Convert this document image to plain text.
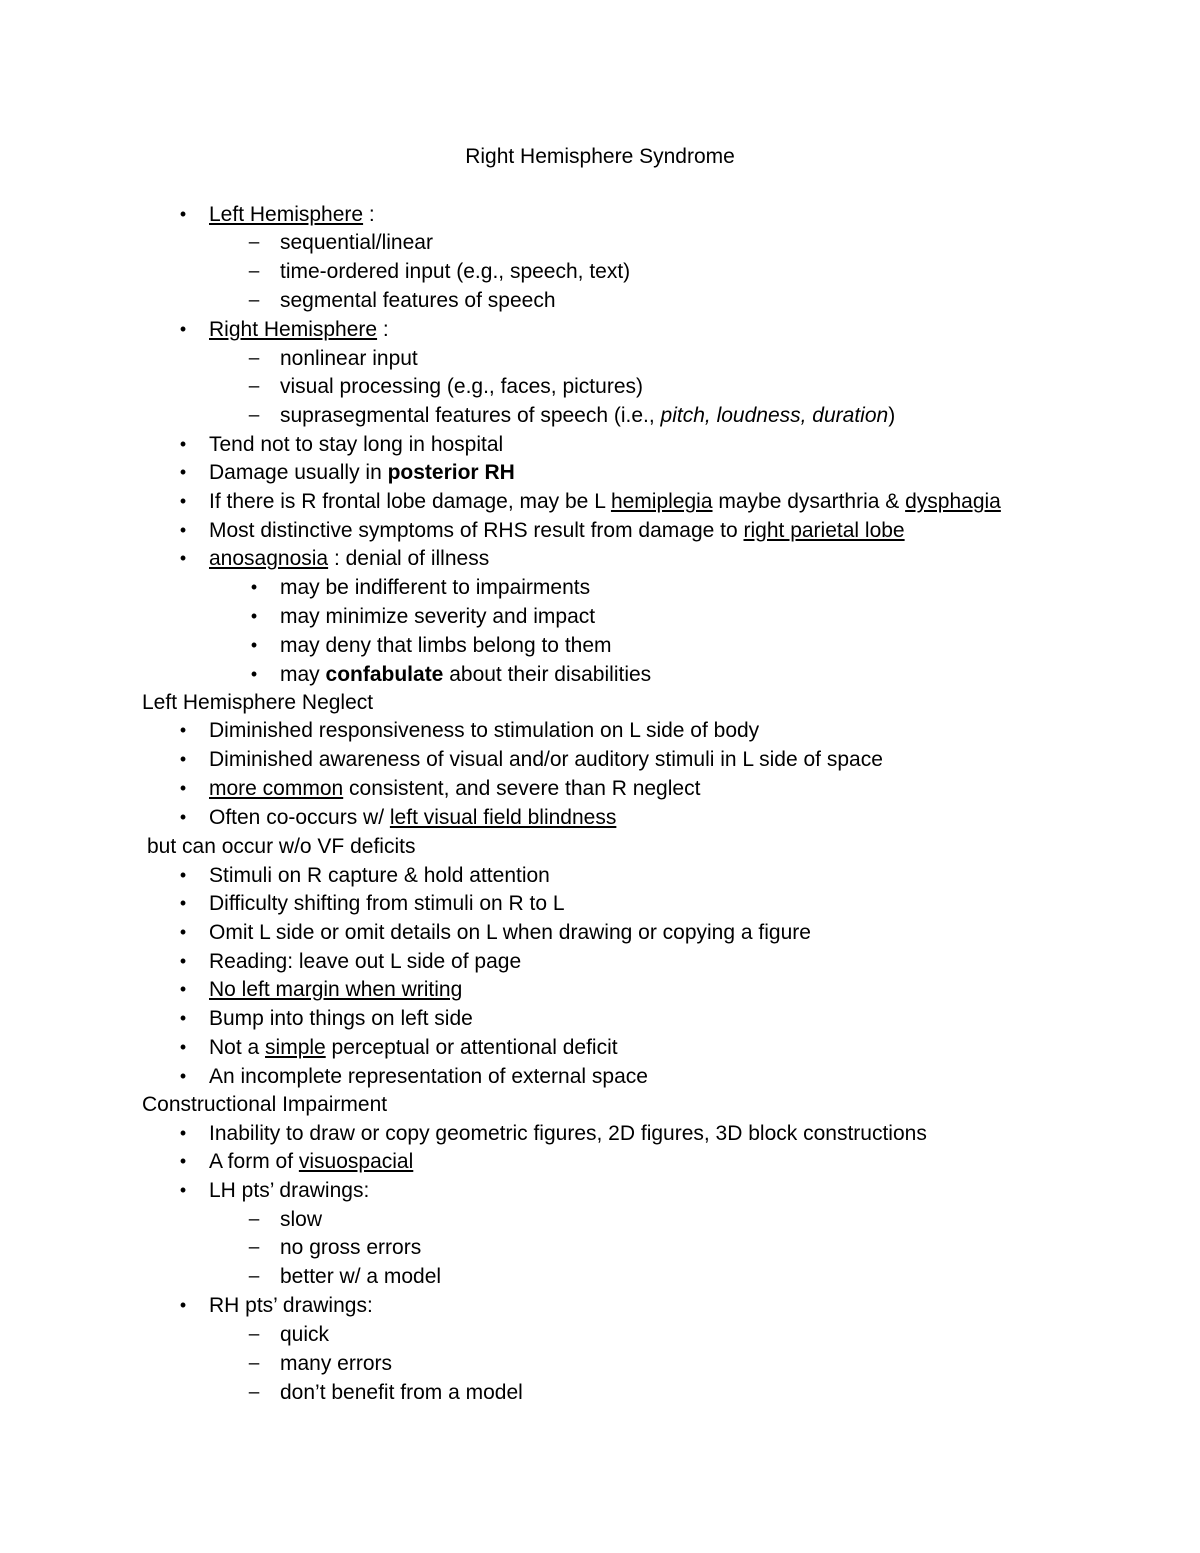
Right Hemisphere Syndrome
•	Left Hemisphere :
– sequential/linear
– time-ordered input (e.g., speech, text)
– segmental features of speech
•	Right Hemisphere :
– nonlinear input
– visual processing (e.g., faces, pictures)
– suprasegmental features of speech (i.e., pitch, loudness, duration)
•	Tend not to stay long in hospital
•	Damage usually in posterior RH
•	If there is R frontal lobe damage, may be L hemiplegia maybe dysarthria & dysphagia
•	Most distinctive symptoms of RHS result from damage to right parietal lobe
•	anosagnosia : denial of illness
•	may be indifferent to impairments
•	may minimize severity and impact
•	may deny that limbs belong to them
•	may confabulate about their disabilities
Left Hemisphere Neglect
•	Diminished responsiveness to stimulation on L side of body
•	Diminished awareness of visual and/or auditory stimuli in L side of space
•	more common consistent, and severe than R neglect
•	Often co-occurs w/ left visual field blindness
but can occur w/o VF deficits
•	Stimuli on R capture & hold attention
•	Difficulty shifting from stimuli on R to L
•	Omit L side or omit details on L when drawing or copying a figure
•	Reading: leave out L side of page
•	No left margin when writing
•	Bump into things on left side
•	Not a simple perceptual or attentional deficit
•	An incomplete representation of external space
Constructional Impairment
•	Inability to draw or copy geometric figures, 2D figures, 3D block constructions
•	A form of visuospacial
•	LH pts’ drawings:
– slow
– no gross errors
– better w/ a model
•	RH pts’ drawings:
– quick
– many errors
– don’t benefit from a model
